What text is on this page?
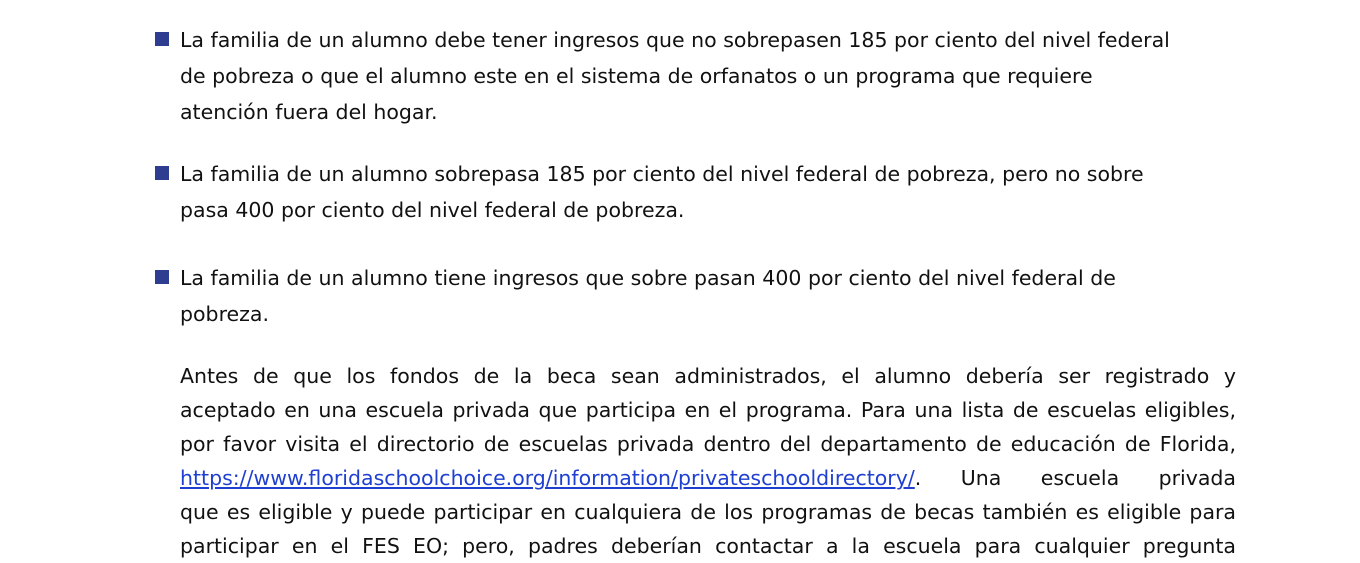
La familia de un alumno debe tener ingresos que no sobrepasen 185 por ciento del nivel federal
de pobreza o que el alumno este en el sistema de orfanatos o un programa que requiere
atención fuera del hogar.
La familia de un alumno sobrepasa 185 por ciento del nivel federal de pobreza, pero no sobre
pasa 400 por ciento del nivel federal de pobreza.
La familia de un alumno tiene ingresos que sobre pasan 400 por ciento del nivel federal de
pobreza.
Antes de que los fondos de la beca sean administrados, el alumno debería ser registrado y
aceptado en una escuela privada que participa en el programa. Para una lista de escuelas eligibles,
por favor visita el directorio de escuelas privada dentro del departamento de educación de Florida,
https://www.floridaschoolchoice.org/information/privateschooldirectory/. Una escuela privada
que es eligible y puede participar en cualquiera de los programas de becas también es eligible para
participar en el FES EO; pero, padres deberían contactar a la escuela para cualquier pregunta
